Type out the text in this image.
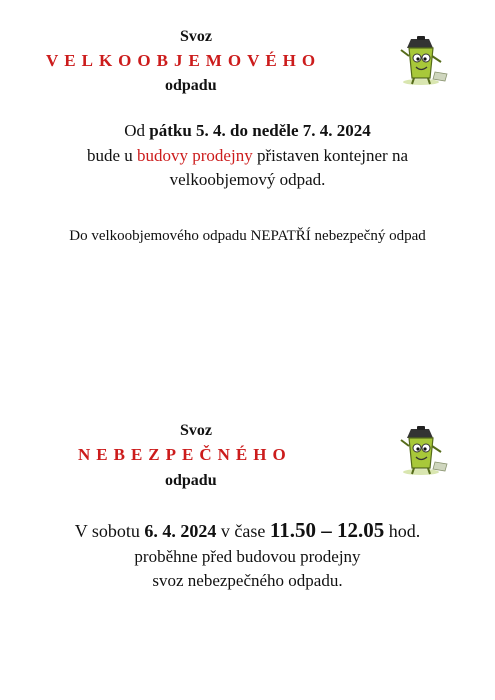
Svoz
VELKOOBJEMOVÉHO
odpadu
Od pátku 5. 4. do neděle 7. 4. 2024
bude u budovy prodejny přistaven kontejner na
velkoobjemový odpad.
Do velkoobjemového odpadu NEPATŘÍ nebezpečný odpad
Svoz
NEBEZPEČNÉHO
odpadu
V sobotu 6. 4. 2024 v čase 11.50 – 12.05 hod.
proběhne před budovou prodejny
svoz nebezpečného odpadu.
